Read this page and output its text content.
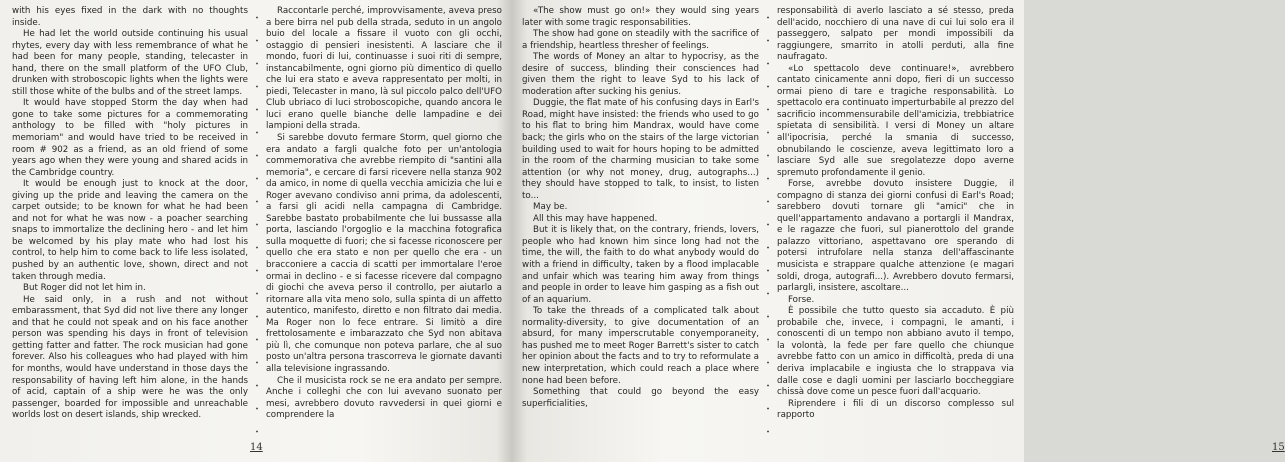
with his eyes fixed in the dark with no thoughts inside.

He had let the world outside continuing his usual rhytes, every day with less remembrance of what he had been for many people, standing, telecaster in hand, there on the small platform of the UFO Club, drunken with stroboscopic lights when the lights were still those white of the bulbs and of the street lamps.

It would have stopped Storm the day when had gone to take some pictures for a commemorating anthology to be filled with "holy pictures in memoriam" and would have tried to be received in room # 902 as a friend, as an old friend of some years ago when they were young and shared acids in the Cambridge country.

It would be enough just to knock at the door, giving up the pride and leaving the camera on the carpet outside; to be known for what he had been and not for what he was now - a poacher searching snaps to immortalize the declining hero - and let him be welcomed by his play mate who had lost his control, to help him to come back to life less isolated, pushed by an authentic love, shown, direct and not taken through media.

But Roger did not let him in.

He said only, in a rush and not without embarassment, that Syd did not live there any longer and that he could not speak and on his face another person was spending his days in front of television getting fatter and fatter. The rock musician had gone forever. Also his colleagues who had played with him for months, would have understand in those days the responsability of having left him alone, in the hands of acid, captain of a ship were he was the only passenger, boarded for impossible and unreachable worlds lost on desert islands, ship wrecked.

Raccontarle perché, improvvisamente, aveva preso a bere birra nel pub della strada, seduto in un angolo buio del locale a fissare il vuoto con gli occhi, ostaggio di pensieri inesistenti. A lasciare che il mondo, fuori di lui, continuasse i suoi riti di sempre, instancabilmente, ogni giorno più dimentico di quello che lui era stato e aveva rappresentato per molti, in piedi, Telecaster in mano, là sul piccolo palco dell'UFO Club ubriaco di luci stroboscopiche, quando ancora le luci erano quelle bianche delle lampadine e dei lampioni della strada.

Si sarebbe dovuto fermare Storm, quel giorno che era andato a fargli qualche foto per un'antologia commemorativa che avrebbe riempito di "santini alla memoria", e cercare di farsi ricevere nella stanza 902 da amico, in nome di quella vecchia amicizia che lui e Roger avevano condiviso anni prima, da adolescenti, a farsi gli acidi nella campagna di Cambridge. Sarebbe bastato probabilmente che lui bussasse alla porta, lasciando l'orgoglio e la macchina fotografica sulla moquette di fuori; che si facesse riconoscere per quello che era stato e non per quello che era - un bracconiere a caccia di scatti per immortalare l'eroe ormai in declino - e si facesse ricevere dal compagno di giochi che aveva perso il controllo, per aiutarlo a ritornare alla vita meno solo, sulla spinta di un affetto autentico, manifesto, diretto e non filtrato dai media. Ma Roger non lo fece entrare. Si limitò a dire frettolosamente e imbarazzato che Syd non abitava più lì, che comunque non poteva parlare, che al suo posto un'altra persona trascorreva le giornate davanti alla televisione ingrassando.

Che il musicista rock se ne era andato per sempre. Anche i colleghi che con lui avevano suonato per mesi, avrebbero dovuto ravvedersi in quei giorni e comprendere la

14

«The show must go on!» they would sing years later with some tragic responsabilities.

The show had gone on steadily with the sacrifice of a friendship, heartless thresher of feelings.

The words of Money an altar to hypocrisy, as the desire of success, blinding their consciences had given them the right to leave Syd to his lack of moderation after sucking his genius.

Duggie, the flat mate of his confusing days in Earl's Road, might have insisted: the friends who used to go to his flat to bring him Mandrax, would have come back; the girls who on the stairs of the large victorian building used to wait for hours hoping to be admitted in the room of the charming musician to take some attention (or why not money, drug, autographs...) they should have stopped to talk, to insist, to listen to...

May be.

All this may have happened.

But it is likely that, on the contrary, friends, lovers, people who had known him since long had not the time, the will, the faith to do what anybody would do with a friend in difficulty, taken by a flood implacable and unfair which was tearing him away from things and people in order to leave him gasping as a fish out of an aquarium.

To take the threads of a complicated talk about normality-diversity, to give documentation of an absurd, for many imperscrutable conyemporaneity, has pushed me to meet Roger Barrett's sister to catch her opinion about the facts and to try to reformulate a new interpretation, which could reach a place where none had been before.

Something that could go beyond the easy superficialities,

responsabilità di averlo lasciato a sé stesso, preda dell'acido, nocchiero di una nave di cui lui solo era il passeggero, salpato per mondi impossibili da raggiungere, smarrito in atolli perduti, alla fine naufragato.

«Lo spettacolo deve continuare!», avrebbero cantato cinicamente anni dopo, fieri di un successo ormai pieno di tare e tragiche responsabilità. Lo spettacolo era continuato imperturbabile al prezzo del sacrificio incommensurabile dell'amicizia, trebbiatrice spietata di sensibilità. I versi di Money un altare all'ipocrisia, perché la smania di successo, obnubilando le coscienze, aveva legittimato loro a lasciare Syd alle sue sregolatezze dopo averne spremuto profondamente il genio.

Forse, avrebbe dovuto insistere Duggie, il compagno di stanza dei giorni confusi di Earl's Road; sarebbero dovuti tornare gli "amici" che in quell'appartamento andavano a portargli il Mandrax, e le ragazze che fuori, sul pianerottolo del grande palazzo vittoriano, aspettavano ore sperando di potersi intrufolare nella stanza dell'affascinante musicista e strappare qualche attenzione (e magari soldi, droga, autografi...). Avrebbero dovuto fermarsi, parlargli, insistere, ascoltare...

Forse.

È possibile che tutto questo sia accaduto. È più probabile che, invece, i compagni, le amanti, i conoscenti di un tempo non abbiano avuto il tempo, la volontà, la fede per fare quello che chiunque avrebbe fatto con un amico in difficoltà, preda di una deriva implacabile e ingiusta che lo strappava via dalle cose e dagli uomini per lasciarlo boccheggiare chissà dove come un pesce fuori dall'acquario.

Riprendere i fili di un discorso complesso sul rapporto

15
